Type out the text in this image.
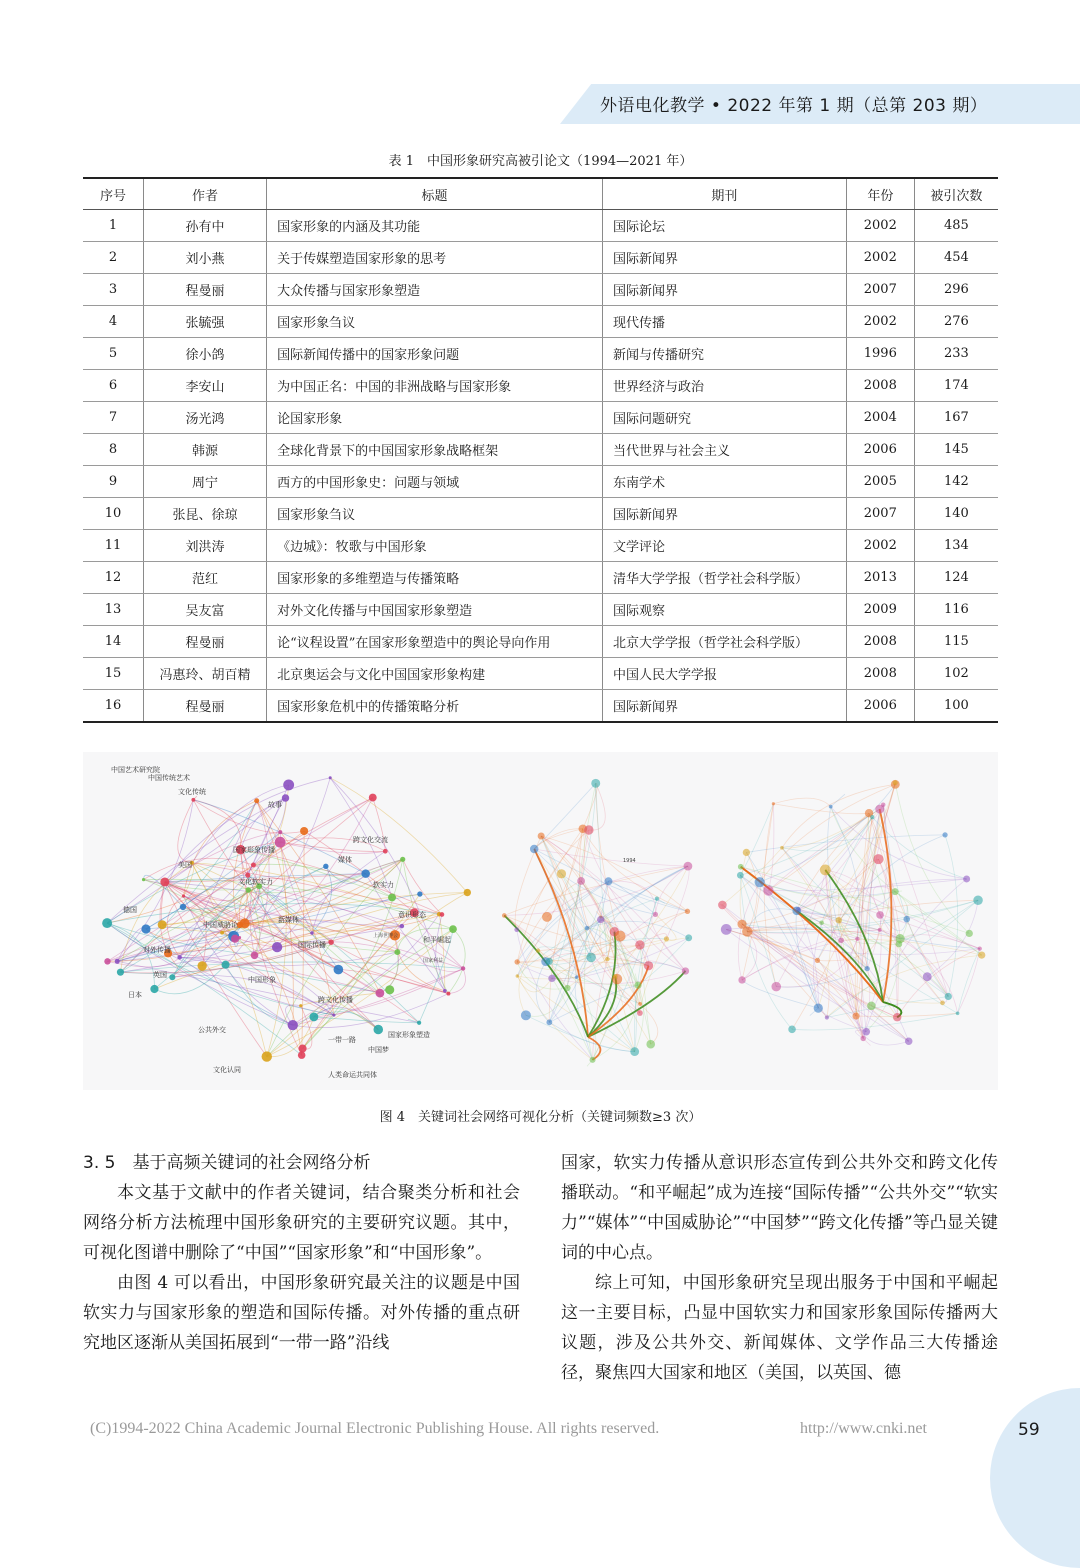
外语电化教学 • 2022 年第 1 期（总第 203 期）
表 1　中国形象研究高被引论文（1994—2021 年）
序号	作者	标题	期刊	年份	被引次数
1	孙有中	国家形象的内涵及其功能	国际论坛	2002	485
2	刘小燕	关于传媒塑造国家形象的思考	国际新闻界	2002	454
3	程曼丽	大众传播与国家形象塑造	国际新闻界	2007	296
4	张毓强	国家形象刍议	现代传播	2002	276
5	徐小鸽	国际新闻传播中的国家形象问题	新闻与传播研究	1996	233
6	李安山	为中国正名：中国的非洲战略与国家形象	世界经济与政治	2008	174
7	汤光鸿	论国家形象	国际问题研究	2004	167
8	韩源	全球化背景下的中国国家形象战略框架	当代世界与社会主义	2006	145
9	周宁	西方的中国形象史：问题与领域	东南学术	2005	142
10	张昆、徐琼	国家形象刍议	国际新闻界	2007	140
11	刘洪涛	《边城》：牧歌与中国形象	文学评论	2002	134
12	范红	国家形象的多维塑造与传播策略	清华大学学报（哲学社会科学版）	2013	124
13	吴友富	对外文化传播与中国国家形象塑造	国际观察	2009	116
14	程曼丽	论“议程设置”在国家形象塑造中的舆论导向作用	北京大学学报（哲学社会科学版）	2008	115
15	冯惠玲、胡百精	北京奥运会与文化中国国家形象构建	中国人民大学学报	2008	102
16	程曼丽	国家形象危机中的传播策略分析	国际新闻界	2006	100
中国艺术研究院
中国传统艺术
文化传统
跨文化交流
故事
美国
软实力
国家形象传播
文化软实力
中国形象
国际传播
意识形态
跨文化传播
对外传播
一带一路
中国梦
公共外交
新媒体
日本
英国
德国
媒体
和平崛起
中国威胁论
文化认同
国家形象塑造
人类命运共同体
1994
上海世博会
国家利益
图 4　关键词社会网络可视化分析（关键词频数≥3 次）

3. 5　基于高频关键词的社会网络分析

本文基于文献中的作者关键词，结合聚类分析和社会网络分析方法梳理中国形象研究的主要研究议题。其中，可视化图谱中删除了“中国”“国家形象”和“中国形象”。

由图 4 可以看出，中国形象研究最关注的议题是中国软实力与国家形象的塑造和国际传播。对外传播的重点研究地区逐渐从美国拓展到“一带一路”沿线

国家，软实力传播从意识形态宣传到公共外交和跨文化传播联动。“和平崛起”成为连接“国际传播”“公共外交”“软实力”“媒体”“中国威胁论”“中国梦”“跨文化传播”等凸显关键词的中心点。

综上可知，中国形象研究呈现出服务于中国和平崛起这一主要目标，凸显中国软实力和国家形象国际传播两大议题，涉及公共外交、新闻媒体、文学作品三大传播途径，聚焦四大国家和地区（美国，以英国、德

(C)1994-2022 China Academic Journal Electronic Publishing House. All rights reserved.	http://www.cnki.net	59
